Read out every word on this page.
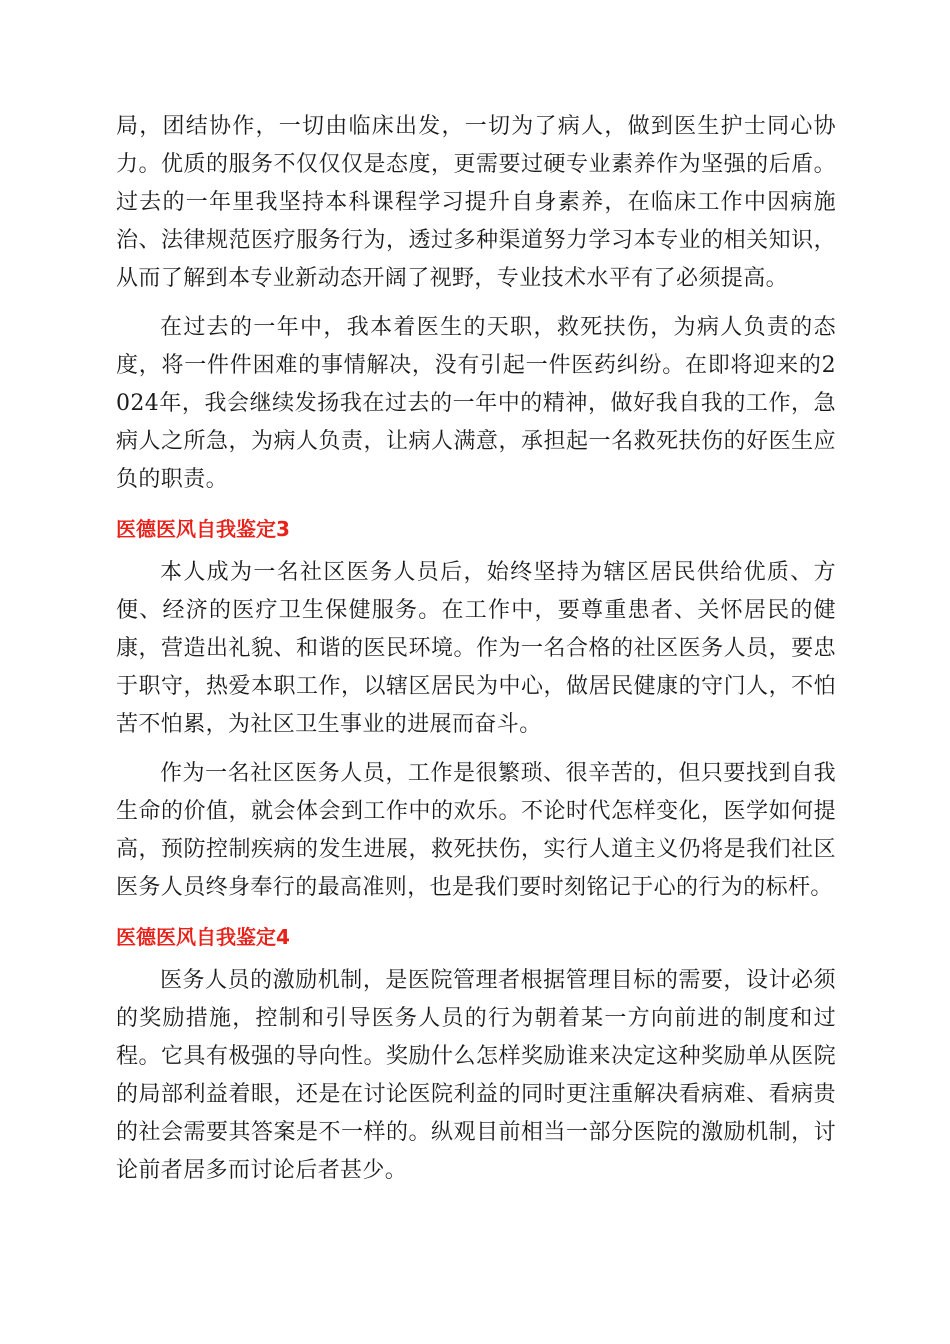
局，团结协作，一切由临床出发，一切为了病人，做到医生护士同心协力。优质的服务不仅仅仅是态度，更需要过硬专业素养作为坚强的后盾。过去的一年里我坚持本科课程学习提升自身素养，在临床工作中因病施治、法律规范医疗服务行为，透过多种渠道努力学习本专业的相关知识，从而了解到本专业新动态开阔了视野，专业技术水平有了必须提高。

在过去的一年中，我本着医生的天职，救死扶伤，为病人负责的态度，将一件件困难的事情解决，没有引起一件医药纠纷。在即将迎来的2024年，我会继续发扬我在过去的一年中的精神，做好我自我的工作，急病人之所急，为病人负责，让病人满意，承担起一名救死扶伤的好医生应负的职责。

医德医风自我鉴定3

本人成为一名社区医务人员后，始终坚持为辖区居民供给优质、方便、经济的医疗卫生保健服务。在工作中，要尊重患者、关怀居民的健康，营造出礼貌、和谐的医民环境。作为一名合格的社区医务人员，要忠于职守，热爱本职工作，以辖区居民为中心，做居民健康的守门人，不怕苦不怕累，为社区卫生事业的进展而奋斗。

作为一名社区医务人员，工作是很繁琐、很辛苦的，但只要找到自我生命的价值，就会体会到工作中的欢乐。不论时代怎样变化，医学如何提高，预防控制疾病的发生进展，救死扶伤，实行人道主义仍将是我们社区医务人员终身奉行的最高准则，也是我们要时刻铭记于心的行为的标杆。

医德医风自我鉴定4

医务人员的激励机制，是医院管理者根据管理目标的需要，设计必须的奖励措施，控制和引导医务人员的行为朝着某一方向前进的制度和过程。它具有极强的导向性。奖励什么怎样奖励谁来决定这种奖励单从医院的局部利益着眼，还是在讨论医院利益的同时更注重解决看病难、看病贵的社会需要其答案是不一样的。纵观目前相当一部分医院的激励机制，讨论前者居多而讨论后者甚少。
